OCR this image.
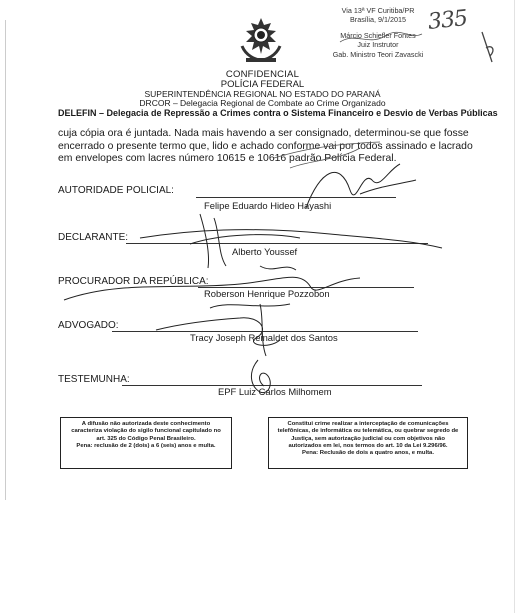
Via 13ª VF Curitiba/PR
Brasília, 9/1/2015
Márcio Schiefler Fontes
Juiz Instrutor
Gab. Ministro Teori Zavascki
335
CONFIDENCIAL
POLÍCIA FEDERAL
SUPERINTENDÊNCIA REGIONAL NO ESTADO DO PARANÁ
DRCOR – Delegacia Regional de Combate ao Crime Organizado
DELEFIN – Delegacia de Repressão a Crimes contra o Sistema Financeiro e Desvio de Verbas Públicas
cuja cópia ora é juntada. Nada mais havendo a ser consignado, determinou-se que fosse
encerrado o presente termo que, lido e achado conforme vai por todos assinado e lacrado
em envelopes com lacres número 10615 e 10616 padrão Polícia Federal.
AUTORIDADE POLICIAL:
Felipe Eduardo Hideo Hayashi
DECLARANTE:
Alberto Youssef
PROCURADOR DA REPÚBLICA:
Roberson Henrique Pozzobon
ADVOGADO:
Tracy Joseph Reinaldet dos Santos
TESTEMUNHA:
EPF Luiz Carlos Milhomem
A difusão não autorizada deste conhecimento
caracteriza violação do sigilo funcional capitulado no
art. 325 do Código Penal Brasileiro.
Pena: reclusão de 2 (dois) a 6 (seis) anos e multa.
Constitui crime realizar a interceptação de comunicações
telefônicas, de informática ou telemática, ou quebrar segredo de
Justiça, sem autorização judicial ou com objetivos não
autorizados em lei, nos termos do art. 10 da Lei 9.296/96.
Pena: Reclusão de dois a quatro anos, e multa.
